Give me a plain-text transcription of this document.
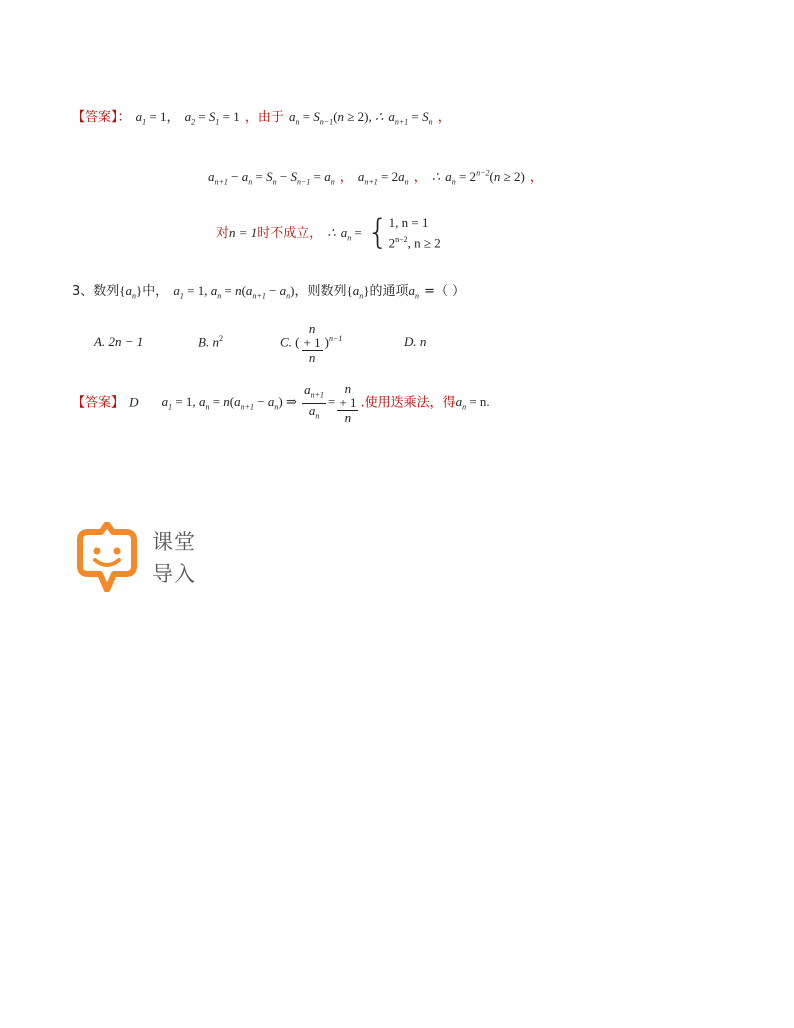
【答案】： $a_1 = 1$， $a_2 = S_1 = 1$ ，由于 $a_n = S_{n-1}(n \ge 2)$, ∴ $a_{n+1} = S_n$ ，
$a_{n+1} - a_n = S_n - S_{n-1} = a_n$ ， $a_{n+1} = 2a_n$ ， ∴ $a_n = 2^{n-2}(n \ge 2)$ ，
对n = 1时不成立， ∴ $a_n$ = { 1, n = 1
$2^{n-2}$, n ≥ 2
3、数列$\{a_n\}$中， $a_1 = 1$, $a_n = n(a_{n+1} - a_n)$，则数列$\{a_n\}$的通项$a_n$ =（ ）
A. 2n − 1	B. $n^2$	C. ( n
+ 1
n )$^{n-1}$	D. n
【答案】 D $a_1 = 1$, $a_n = n(a_{n+1} - a_n)$ ⇒ $\frac{a_{n+1}}{a_n} = n$
+ 1
n .使用迭乘法，得$a_n = n$.
课堂
导入
